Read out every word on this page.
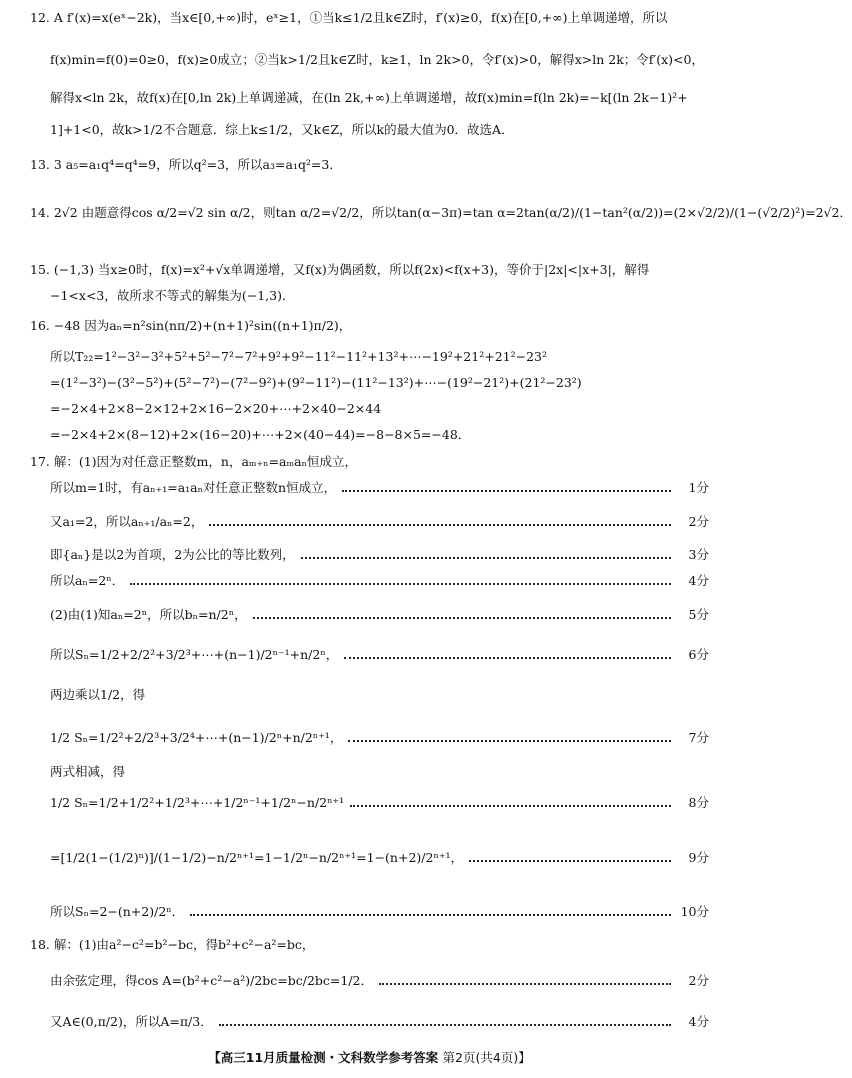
12. A f′(x)=x(eˣ−2k)，当x∈[0,+∞)时，eˣ≥1，①当k≤1/2且k∈Z时，f′(x)≥0，f(x)在[0,+∞)上单调递增，所以
f(x)min=f(0)=0≥0，f(x)≥0成立；②当k>1/2且k∈Z时，k≥1，ln 2k>0，令f′(x)>0，解得x>ln 2k；令f′(x)<0，
解得x<ln 2k，故f(x)在[0,ln 2k)上单调递减，在(ln 2k,+∞)上单调递增，故f(x)min=f(ln 2k)=−k[(ln 2k−1)²+
1]+1<0，故k>1/2不合题意．综上k≤1/2，又k∈Z，所以k的最大值为0．故选A．
13. 3 a₅=a₁q⁴=q⁴=9，所以q²=3，所以a₃=a₁q²=3．
14. 2√2 由题意得cos α/2=√2 sin α/2，则tan α/2=√2/2，所以tan(α−3π)=tan α=2tan(α/2)/(1−tan²(α/2))=(2×√2/2)/(1−(√2/2)²)=2√2．
15. (−1,3) 当x≥0时，f(x)=x²+√x单调递增，又f(x)为偶函数，所以f(2x)<f(x+3)，等价于|2x|<|x+3|，解得
−1<x<3，故所求不等式的解集为(−1,3)．
16. −48 因为aₙ=n²sin(nπ/2)+(n+1)²sin((n+1)π/2)，
所以T₂₂=1²−3²−3²+5²+5²−7²−7²+9²+9²−11²−11²+13²+⋯−19²+21²+21²−23²
=(1²−3²)−(3²−5²)+(5²−7²)−(7²−9²)+(9²−11²)−(11²−13²)+⋯−(19²−21²)+(21²−23²)
=−2×4+2×8−2×12+2×16−2×20+⋯+2×40−2×44
=−2×4+2×(8−12)+2×(16−20)+⋯+2×(40−44)=−8−8×5=−48．
17. 解：(1)因为对任意正整数m，n，aₘ₊ₙ=aₘaₙ恒成立，
所以m=1时，有aₙ₊₁=a₁aₙ对任意正整数n恒成立，	1分
又a₁=2，所以aₙ₊₁/aₙ=2，	2分
即{aₙ}是以2为首项，2为公比的等比数列，	3分
所以aₙ=2ⁿ．	4分
(2)由(1)知aₙ=2ⁿ，所以bₙ=n/2ⁿ，	5分
所以Sₙ=1/2+2/2²+3/2³+⋯+(n−1)/2ⁿ⁻¹+n/2ⁿ，	6分
两边乘以1/2，得
1/2 Sₙ=1/2²+2/2³+3/2⁴+⋯+(n−1)/2ⁿ+n/2ⁿ⁺¹，	7分
两式相减，得
1/2 Sₙ=1/2+1/2²+1/2³+⋯+1/2ⁿ⁻¹+1/2ⁿ−n/2ⁿ⁺¹	8分
=[1/2(1−(1/2)ⁿ)]/(1−1/2)−n/2ⁿ⁺¹=1−1/2ⁿ−n/2ⁿ⁺¹=1−(n+2)/2ⁿ⁺¹，	9分
所以Sₙ=2−(n+2)/2ⁿ．	10分
18. 解：(1)由a²−c²=b²−bc，得b²+c²−a²=bc，
由余弦定理，得cos A=(b²+c²−a²)/2bc=bc/2bc=1/2．	2分
又A∈(0,π/2)，所以A=π/3．	4分
【高三11月质量检测・文科数学参考答案 第2页(共4页)】
